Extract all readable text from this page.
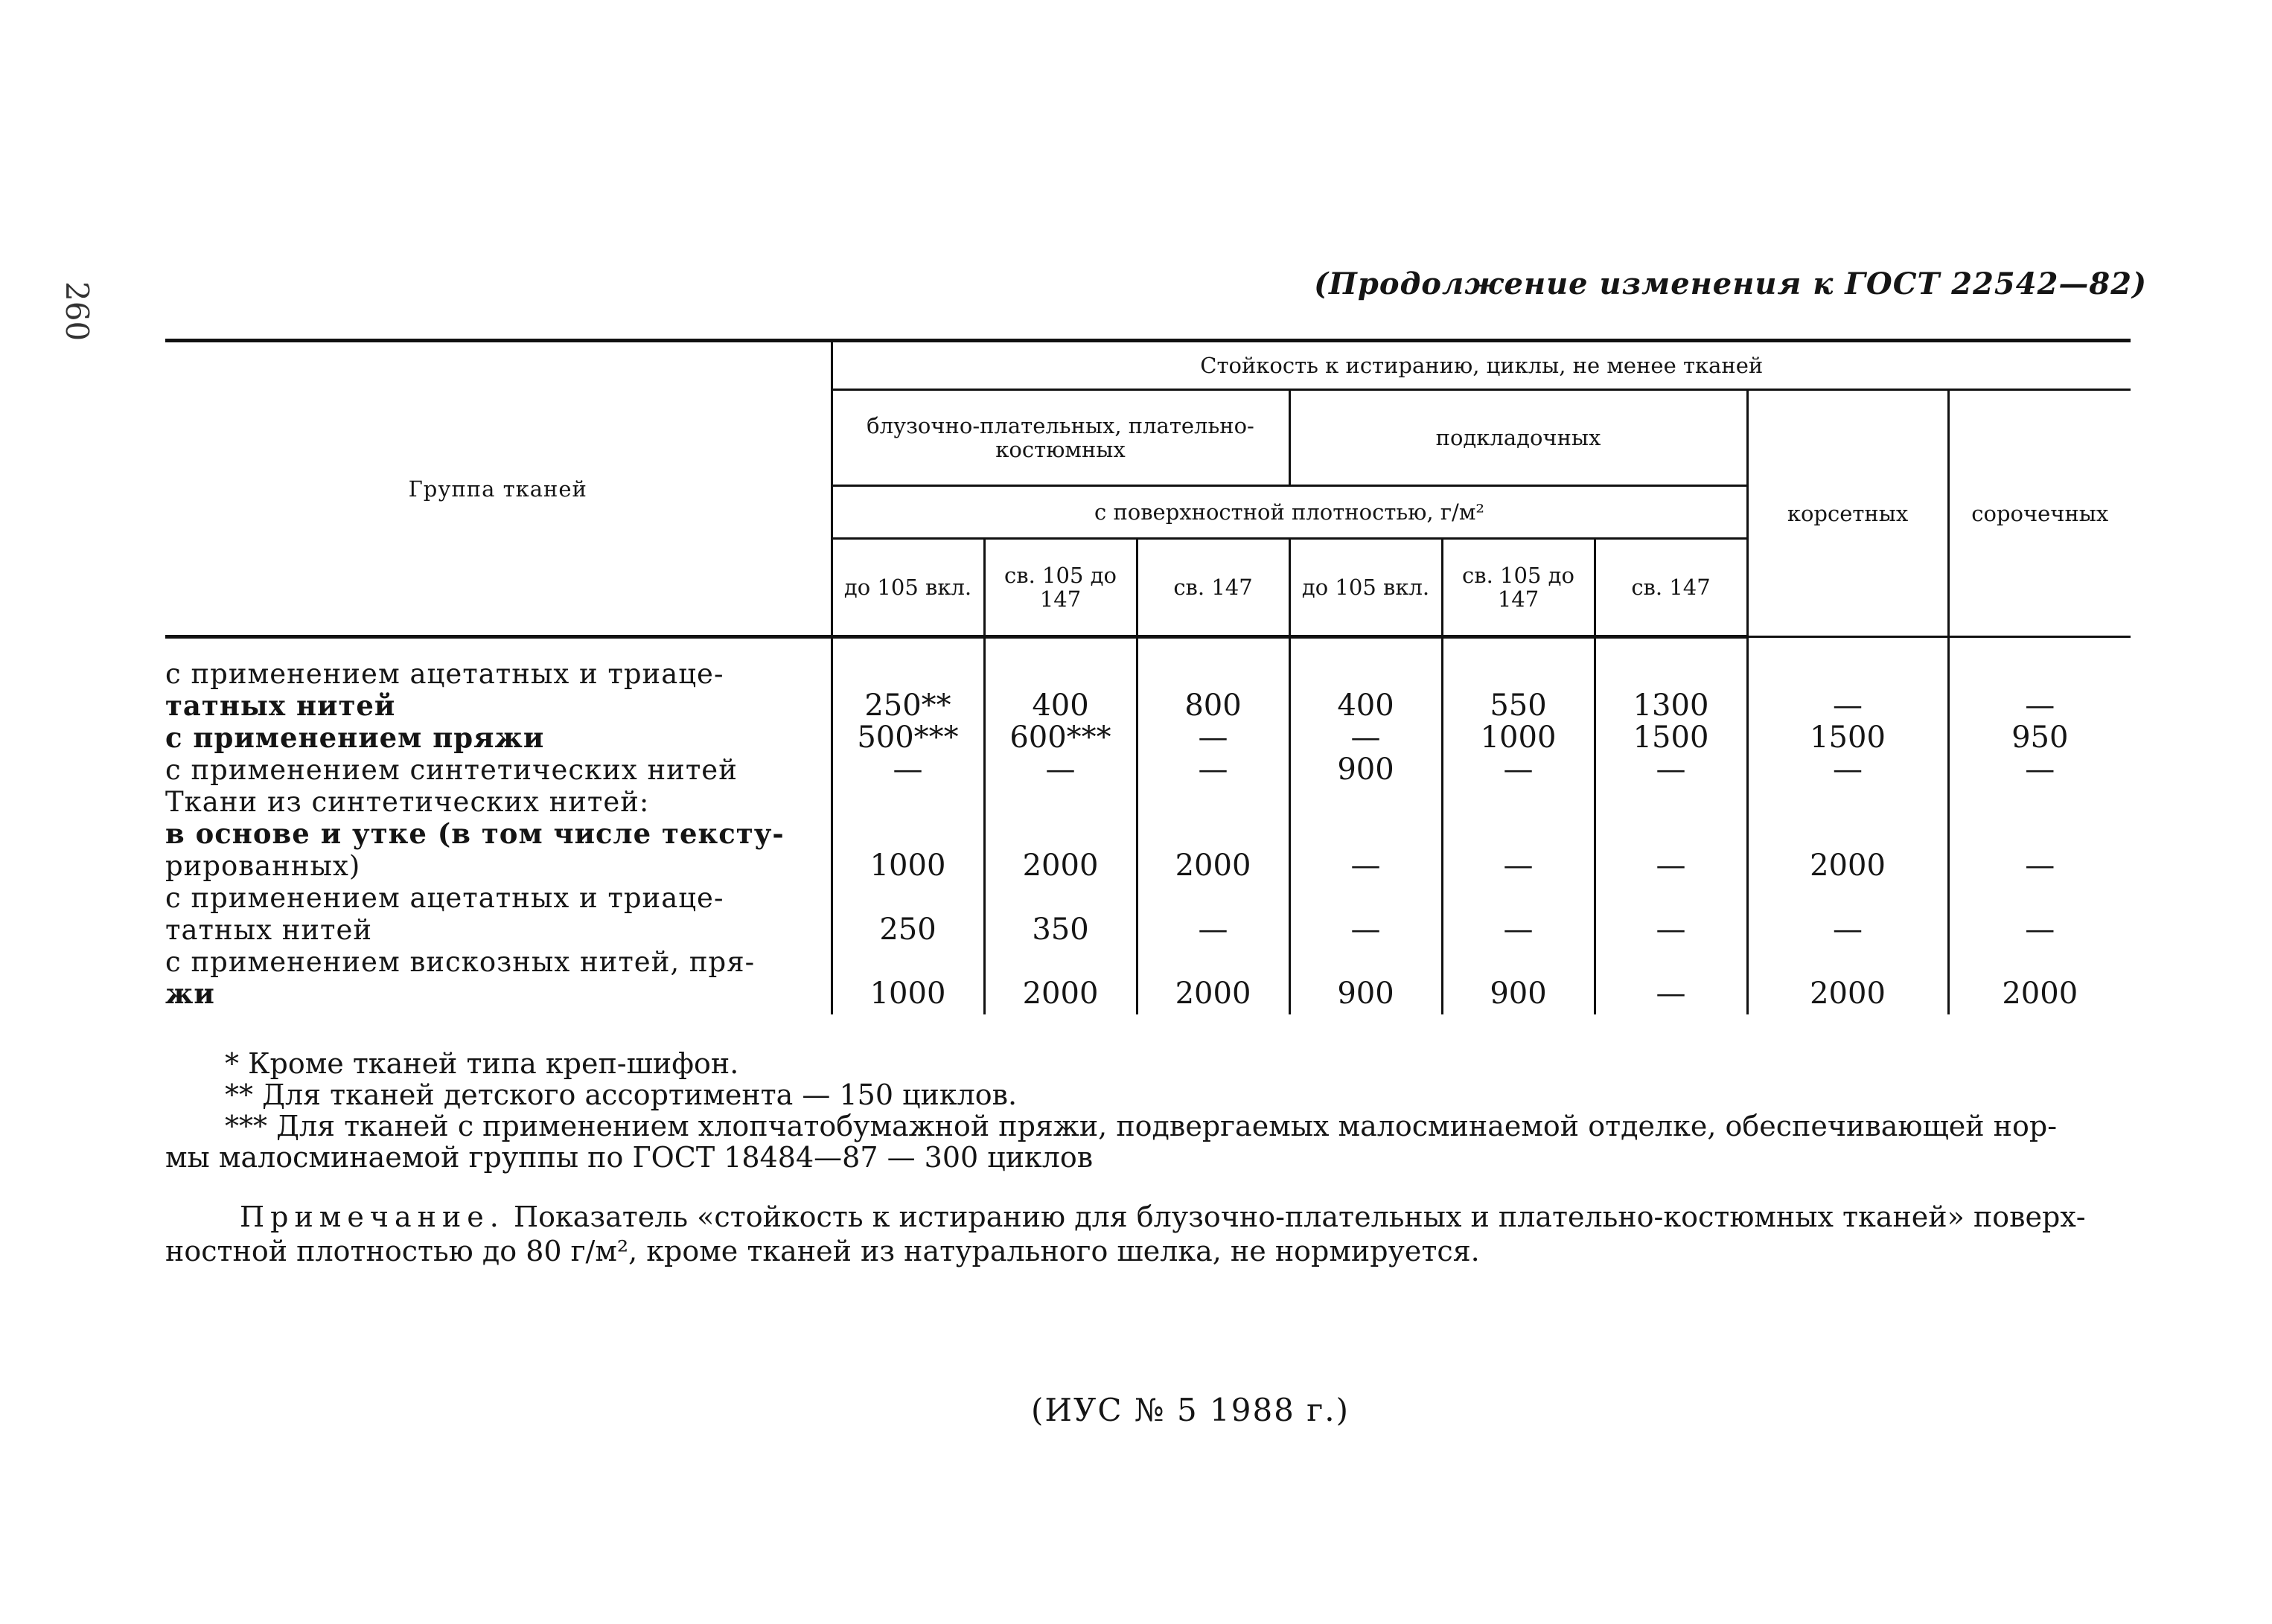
260	(Продолжение изменения к ГОСТ 22542—82)
Группа тканей	Стойкость к истиранию, циклы, не менее тканей							
	блузочно-плательных, плательно-костюмных			подкладочных			корсетных	сорочечных
	с поверхностной плотностью, г/м²							
	до 105 вкл.	св. 105 до 147	св. 147	до 105 вкл.	св. 105 до 147	св. 147		
с применением ацетатных и триаце-								
татных нитей	250**	400	800	400	550	1300	—	—
с применением пряжи	500***	600***	—	—	1000	1500	1500	950
с применением синтетических нитей	—	—	—	900	—	—	—	—
Ткани из синтетических нитей:								
в основе и утке (в том числе тексту-								
рированных)	1000	2000	2000	—	—	—	2000	—
с применением ацетатных и триаце-								
татных нитей	250	350	—	—	—	—	—	—
с применением вискозных нитей, пря-								
жи	1000	2000	2000	900	900	—	2000	2000

* Кроме тканей типа креп-шифон.

** Для тканей детского ассортимента — 150 циклов.

*** Для тканей с применением хлопчатобумажной пряжи, подвергаемых малосминаемой отделке, обеспечивающей нор-

мы малосминаемой группы по ГОСТ 18484—87 — 300 циклов

Примечание. Показатель «стойкость к истиранию для блузочно-плательных и плательно-костюмных тканей» поверх-

ностной плотностью до 80 г/м², кроме тканей из натурального шелка, не нормируется.

(ИУС № 5 1988 г.)
